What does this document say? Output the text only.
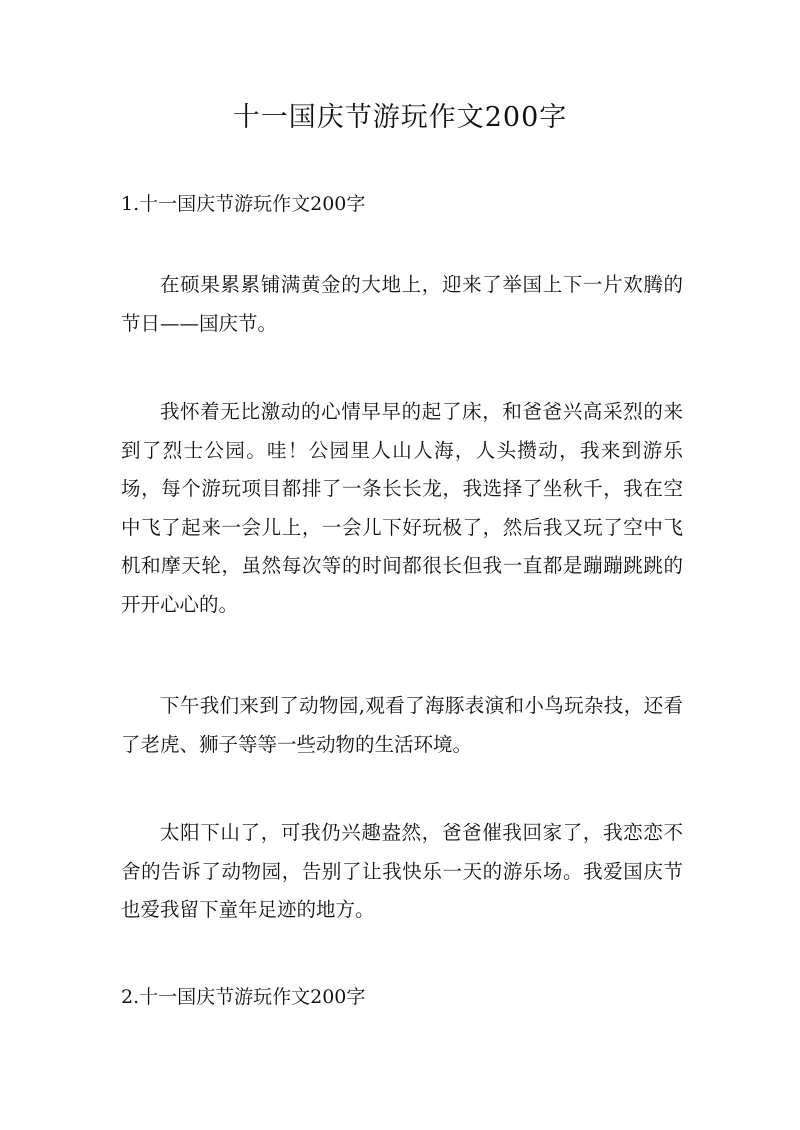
十一国庆节游玩作文200字
1.十一国庆节游玩作文200字

在硕果累累铺满黄金的大地上，迎来了举国上下一片欢腾的节日——国庆节。

我怀着无比激动的心情早早的起了床，和爸爸兴高采烈的来到了烈士公园。哇！公园里人山人海，人头攒动，我来到游乐场，每个游玩项目都排了一条长长龙，我选择了坐秋千，我在空中飞了起来一会儿上，一会儿下好玩极了，然后我又玩了空中飞机和摩天轮，虽然每次等的时间都很长但我一直都是蹦蹦跳跳的开开心心的。

下午我们来到了动物园,观看了海豚表演和小鸟玩杂技，还看了老虎、狮子等等一些动物的生活环境。

太阳下山了，可我仍兴趣盎然，爸爸催我回家了，我恋恋不舍的告诉了动物园，告别了让我快乐一天的游乐场。我爱国庆节也爱我留下童年足迹的地方。

2.十一国庆节游玩作文200字
